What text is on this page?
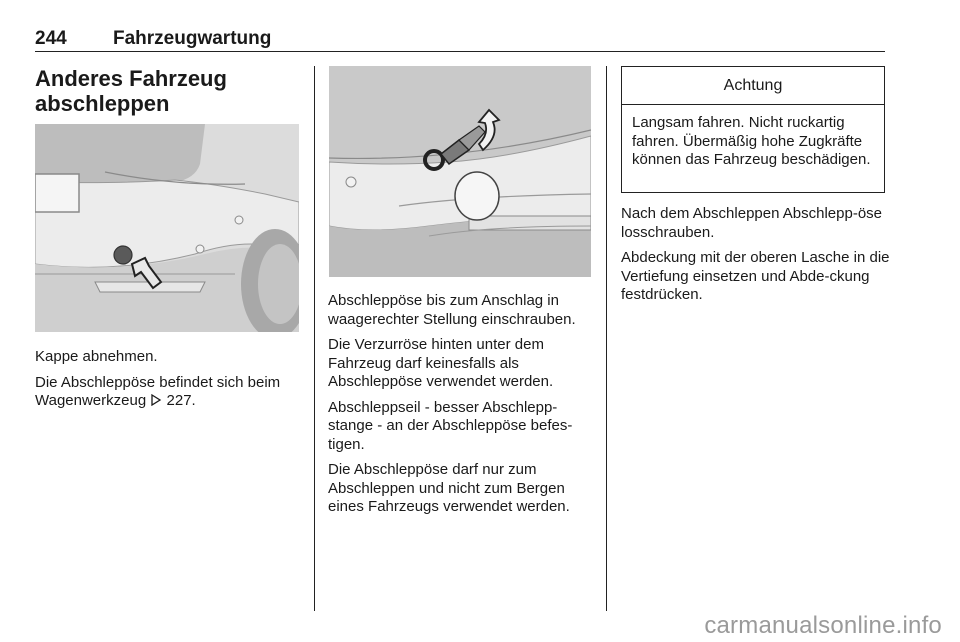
244 Fahrzeugwartung
Anderes Fahrzeug abschleppen

Kappe abnehmen.

Die Abschleppöse befindet sich beim Wagenwerkzeug 227.

Abschleppöse bis zum Anschlag in waagerechter Stellung einschrauben.

Die Verzurröse hinten unter dem Fahrzeug darf keinesfalls als Abschleppöse verwendet werden.

Abschleppseil - besser Abschlepp-stange - an der Abschleppöse befes-tigen.

Die Abschleppöse darf nur zum Abschleppen und nicht zum Bergen eines Fahrzeugs verwendet werden.

Achtung
Langsam fahren. Nicht ruckartig fahren. Übermäßig hohe Zugkräfte können das Fahrzeug beschädigen.

Nach dem Abschleppen Abschlepp-öse losschrauben.

Abdeckung mit der oberen Lasche in die Vertiefung einsetzen und Abde-ckung festdrücken.

carmanualsonline.info
